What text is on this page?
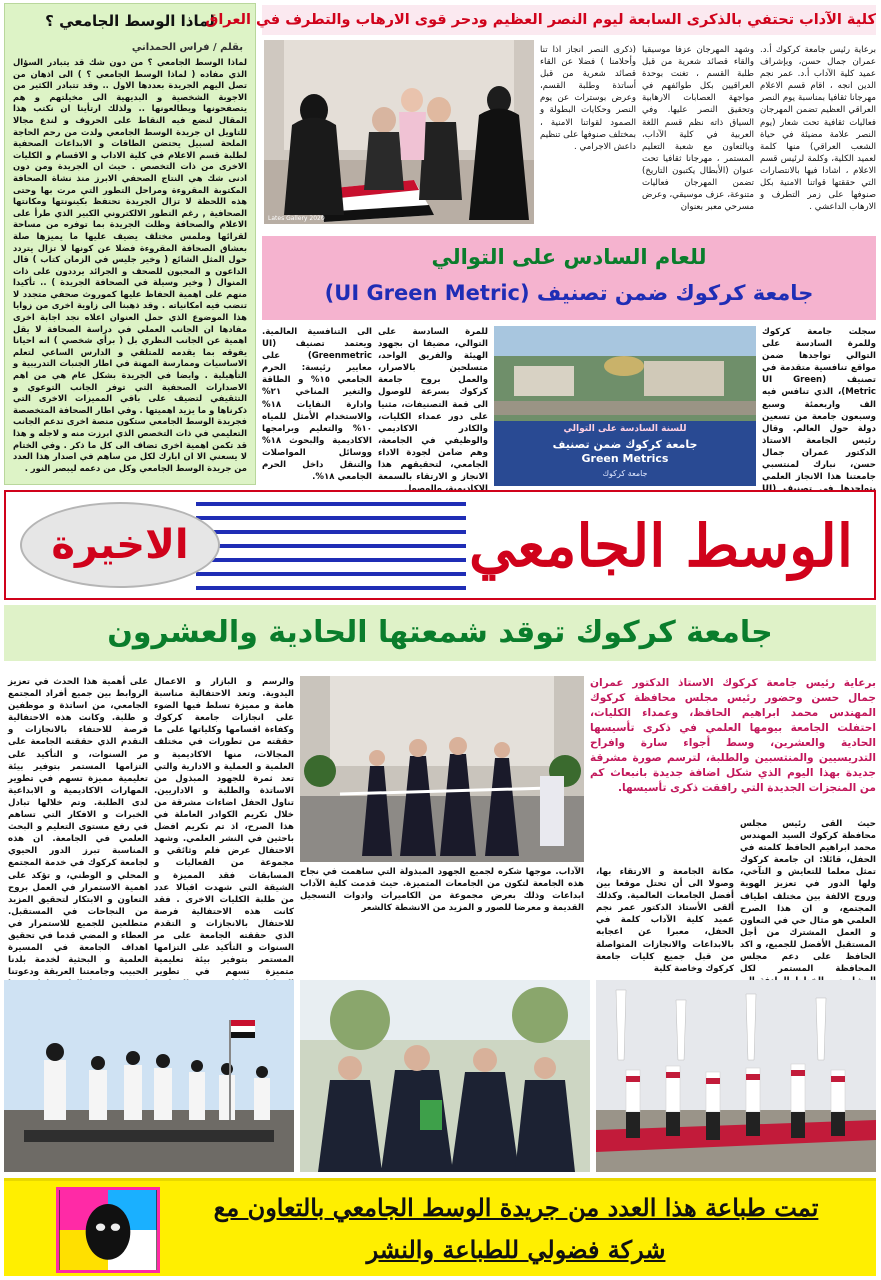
لماذا الوسط الجامعي ؟
بقلم / فراس الحمداني
لماذا الوسط الجامعي ؟ من دون شك قد يتبادر السؤال الذي مفاده ( لماذا الوسط الجامعي ؟ ) الى اذهان من تصل اليهم الجريدة بعددها الاول .. وقد تتبادر الكثير من الاجوبة الشخصية و البديهية الى مخيلتهم و هم يتصفحونها ويطالعونها .. ولذلك ارتأينا ان نكتب هذا المقال لنضع فيه النقاط على الحروف و لندع مجالا للتاويل ان جريدة الوسط الجامعي ولدت من رحم الحاجة الملحة لسبيل يحتضن الطاقات و الابداعات الصحفية لطلبة قسم الاعلام في كلية الاداب و الاقسام و الكليات الاخرى من ذات التخصص . حيث ان الجريدة ومن دون ادنى شك هي النتاج الصحفي الابرز منذ نشاة الصحافة المكتوبة المقروءة ومراحل التطور التي مرت بها وحتى هذه اللحظة لا تزال الجريدة تحتفظ بكينونتها ومكانتها الصحافية , رغم التطور الالكتروني الكبير الذي طرأ على الاعلام والصحافة وظلت الجريدة بما توفره من مساحة لقرائها وملمس مختلف يضيف عليها ما يميزها صلة بعشاق الصحافة المقروءة فضلا عن كونها لا تزال يتردد حول المثل الشائع ( وخير جليس في الزمان كتاب ) قال الداعون و المحبون للصحف و الجرائد يرددون على ذات المنوال ( وخير وسيلة في الصحافة الجريدة ) .. تأكيدا منهم على اهمية الحفاظ عليها كموروث صحفي متجدد لا تنضب فيه امكانياته . وقد ذهبنا الى زاوية اخرى من زوايا هذا الموضوع الذي حمل العنوان اعلاه نجد اجابة اخرى مفادها ان الجانب العملي في دراسة الصحافة لا يقل اهمية عن الجانب النظري بل ( برأي شخصي ) انه احيانا يفوقه بما يقدمه للمتلقي و الدارس الساعي لتعلم الاساسيات وممارسة المهنة في اطار الجنبات التدريبية و التأهيلية . وايضا في الجريدة بشكل عام هي من اهم الاصدارات الصحفية التي توفر الجانب التوعوي و التثقيفي لتضيف على باقي المميزات الاخرى التي ذكرناها و ما يزيد اهميتها . وفي اطار الصحافة المتخصصة فجريدة الوسط الجامعي ستكون منصة اخرى تدعم الجانب التعليمي في ذات التخصص الذي ابرزت منه و لاجله و هذا قد تكمن اهمية اخرى تضاف الى كل ما ذكر . وفي الختام لا يسعني الا ان ابارك لكل من ساهم في اصدار هذا العدد من جريدة الوسط الجامعي وكل من دعمه ليبصر النور .
كلية الآداب تحتفي بالذكرى السابعة ليوم النصر العظيم ودحر قوى الارهاب والتطرف في العراق
برعاية رئيس جامعة كركوك أ.د. عمران جمال حسن، وبإشراف عميد كلية الآداب أ.د. عمر نجم الدين انجه ، اقام قسم الاعلام مهرجانا ثقافيا بمناسبة يوم النصر العراقي العظيم تضمن المهرجان فعاليات ثقافية تحت شعار (يوم النصر علامة مضيئة في حياة الشعب العراقي) منها كلمة لعميد الكلية، وكلمة لرئيس قسم الاعلام ، اشادا فيها بالانتصارات التي حققتها قواتنا الامنية بكل صنوفها على زمر التطرف و الارهاب الداعشي .
وشهد المهرجان عزفا موسيقيا والقاء قصائد شعرية من قبل طلبة القسم ، تغنت بوحدة العراقيين بكل طوائفهم في مواجهة العصابات الارهابية وتحقيق النصر عليها. وفي السياق ذاته نظم قسم اللغة العربية في كلية الآداب، وبالتعاون مع شعبة التعليم المستمر ، مهرجانا ثقافيا تحت عنوان (الأبطال يكتبون التاريخ) تضمن المهرجان فعاليات متنوعة، عزف موسيقي، وعرض مسرحي معبر بعنوان
(ذكرى النصر انجاز اذا تنا وأحلامنا ) فضلا عن القاء قصائد شعرية من قبل أساتذة وطلبة القسم، وعرض بوسترات عن يوم النصر وحكايات البطولة و الصمود لقواتنا الامنية ، بمختلف صنوفها على تنظيم داعش الاجرامي .
Lates Gallery 2020
للعام السادس على التوالي
جامعة كركوك ضمن تصنيف (UI Green Metric)
سجلت جامعة كركوك وللمرة السادسة على التوالي تواجدها ضمن مواقع تنافسية متقدمة في تصنيف (UI Green Metric)، الذي تنافس فيه الف واربعمئة وسبع وسبعون جامعة من تسعين دولة حول العالم. وقال رئيس الجامعة الاستاذ الدكتور عمران جمال حسن، نبارك لمنتسبي جامعتنا هذا الانجاز العلمي
للسنة السادسة على التوالي
جامعة كركوك ضمن تصنيف
Green Metrics
جامعة كركوك
للمرة السادسة على التوالي، مضيفا ان بجهود الهيئة والفريق الواحد، متسلحين بالاصرار، والعمل بروح جامعة كركوك بسرعة للوصول الى قمة التصنيفات، مثنيا على دور عمداء الكليات، والكادر الاكاديمي والوظيفي في الجامعة، وهم ضامن لجودة الاداء الجامعي، لتحقيقهم هذا الانجاز و الارتقاء بالسمعة
الى التنافسية العالمية. ويعتمد تصنيف (UI Greenmetric) على معايير رئيسة: الحرم الجامعي ١٥% و الطاقة والتغير المناخي ٢١% وادارة النفايات ١٨% والاستخدام الأمثل للمياه ١٠% والتعليم وبرامجها الاكاديمية والبحوث ١٨% ووسائل المواصلات والتنقل داخل الحرم الجامعي ١٨%.
الاخيرة	الوسط الجامعي
جامعة كركوك توقد شمعتها الحادية والعشرون
برعاية رئيس جامعة كركوك الاستاذ الدكتور عمران جمال حسن وحضور رئيس مجلس محافظة كركوك المهندس محمد ابراهيم الحافظ، وعمداء الكليات، احتفلت الجامعة بيومها العلمي في ذكرى تأسيسها الحادية والعشرين، وسط أجواء سارة وافراح التدريسيين والمنتسبين والطلبة، لترسم صورة مشرقة جديدة بهذا اليوم الذي شكل اضافة جديدة بانبعاث كم من المنجزات الجديدة التي رافقت ذكرى تأسيسها.
والرسم و البازار و الاعمال اليدوية. وتعد الاحتفالية مناسبة هامة و مميزة تسلط فيها الضوء على انجازات جامعة كركوك وكفاءة اقسامها وكلياتها على ما حققته من تطورات في مختلف المجالات، منها الاكاديمية و العلمية و العملية و الادارية والتي تعد ثمرة للجهود المبذول من الاساتذة والطلبة و الاداريين. تناول الحفل اضاءات مشرقة من خلال تكريم الكوادر العاملة في هذا الصرح، اذ تم تكريم افضل باحثين في النشر العلمي. وشهد الاحتفال عرض فلم وثائقي و مجموعة من الفعاليات و المسابقات فقد المميزة و الشيقة التي شهدت اقبالا عدد من طلبة الكليات الاخرى . فقد كانت هذه الاحتفالية فرصة للاحتفال بالانجازات و التقدم الذي حققته الجامعة على مر السنوات و التأكيد على التزامها المستمر بتوفير بيئة تعليمية متميزة تسهم في تطوير
على أهمية هذا الحدث في تعزيز الروابط بين جميع أفراد المجتمع الجامعي، من اساتذة و موظفين و طلبة. وكانت هذه الاحتفالية فرصة للاحتفاء بالانجازات و التقدم الذي حققته الجامعة على مر السنوات، و التأكيد على التزامها المستمر بتوفير بيئة تعليمية مميزة تسهم في تطوير المهارات الاكاديمية و الابداعية لدى الطلبة. وتم خلالها تبادل الخبرات و الافكار التي تساهم في رفع مستوى التعليم و البحث العلمي في الجامعة. ان هذه المناسبة تبرز الدور الحيوي لجامعة كركوك في خدمة المجتمع المحلي و الوطني، و تؤكد على اهمية الاستمرار في العمل بروح التعاون و الابتكار لتحقيق المزيد من النجاحات في المستقبل. متطلعين للجميع للاستمرار في العطاء و المضي قدما في تحقيق اهداف الجامعة في المسيرة العلمية و البحثية لخدمة بلدنا الحبيب وجامعتنا العريقة ودعوتنا
حيث القى رئيس مجلس محافظة كركوك السيد المهندس محمد ابراهيم الحافظ كلمته في الحفل، قائلا: ان جامعة كركوك تمثل معلما للتعايش و التآخي، ولها الدور في تعزيز الهوية وروح الالفة بين مختلف اطياف المجتمع، و ان هذا الصرح العلمي هو مثال حي في التعاون و العمل المشترك من أجل المستقبل الأفضل للجميع، و اكد الحافظ على دعم مجلس المحافظة المستمر لكل
مكانة الجامعة و الارتقاء بها، وصولا الى أن تحتل موقعا بين أفضل الجامعات العالمية. وكذلك ألقى الأستاذ الدكتور عمر نجم عميد كلية الآداب كلمة في الحفل، معبرا عن اعجابه بالابداعات والانجازات المتواصلة من قبل جميع كليات جامعة كركوك وخاصة كلية
الآداب. موجها شكره لجميع الجهود المبذولة التي ساهمت في نجاح هذه الجامعة لتكون من الجامعات المتميزة. حيث قدمت كلية الآداب ابداعات وذلك بعرض مجموعة من الكاميرات وادوات التسجيل القديمة و معرضا للصور و المزيد من الانشطة كالشعر
تمت طباعة هذا العدد من جريدة الوسط الجامعي بالتعاون مع
شركة فضولي للطباعة والنشر
